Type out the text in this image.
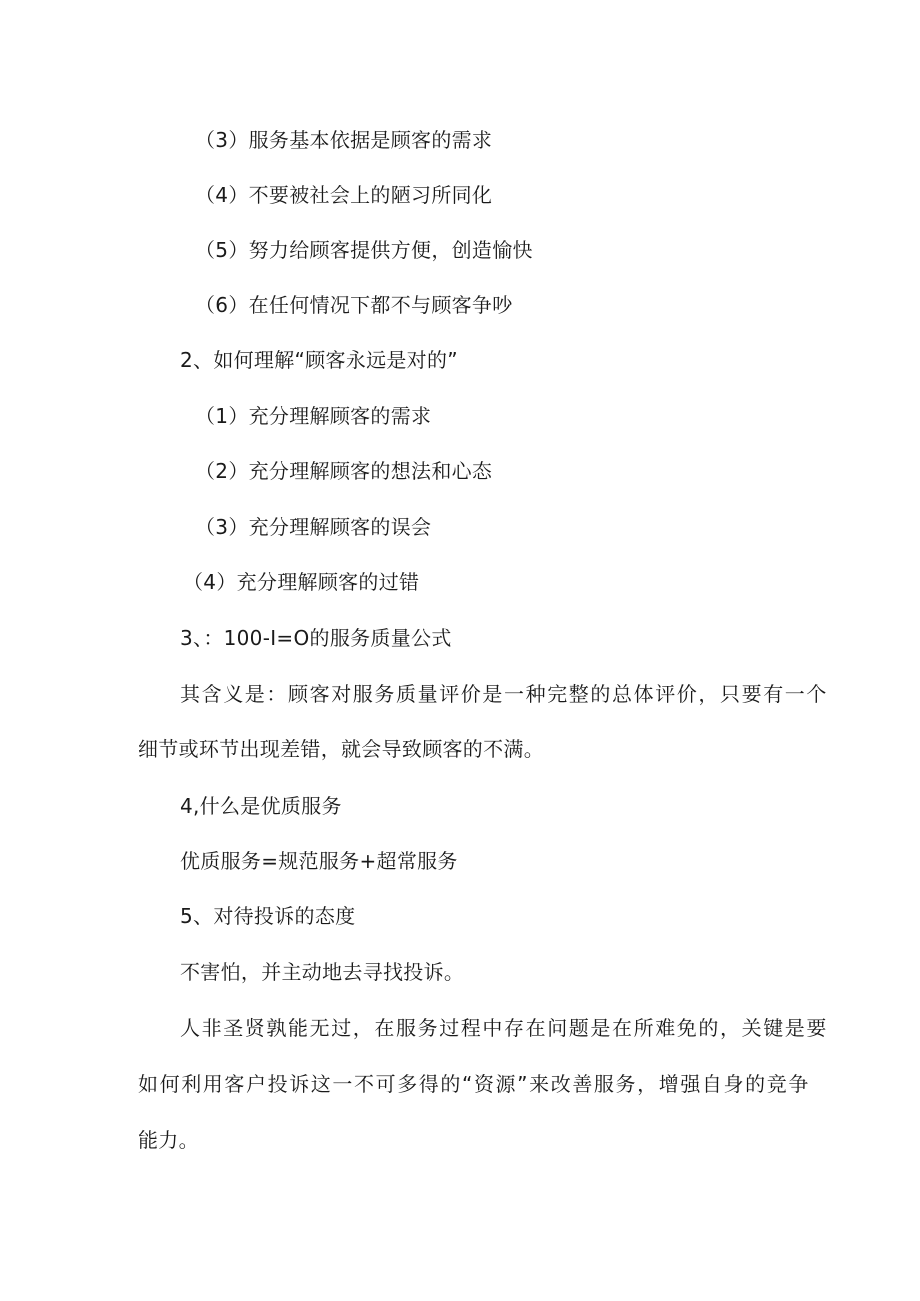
（3）服务基本依据是顾客的需求
（4）不要被社会上的陋习所同化
（5）努力给顾客提供方便，创造愉快
（6）在任何情况下都不与顾客争吵
2、如何理解“顾客永远是对的”
（1）充分理解顾客的需求
（2）充分理解顾客的想法和心态
（3）充分理解顾客的误会
（4）充分理解顾客的过错
3、：100-I=O的服务质量公式
其含义是：顾客对服务质量评价是一种完整的总体评价，只要有一个
细节或环节出现差错，就会导致顾客的不满。
4,什么是优质服务
优质服务=规范服务+超常服务
5、对待投诉的态度
不害怕，并主动地去寻找投诉。
人非圣贤孰能无过，在服务过程中存在问题是在所难免的，关键是要
如何利用客户投诉这一不可多得的“资源”来改善服务，增强自身的竞争
能力。
